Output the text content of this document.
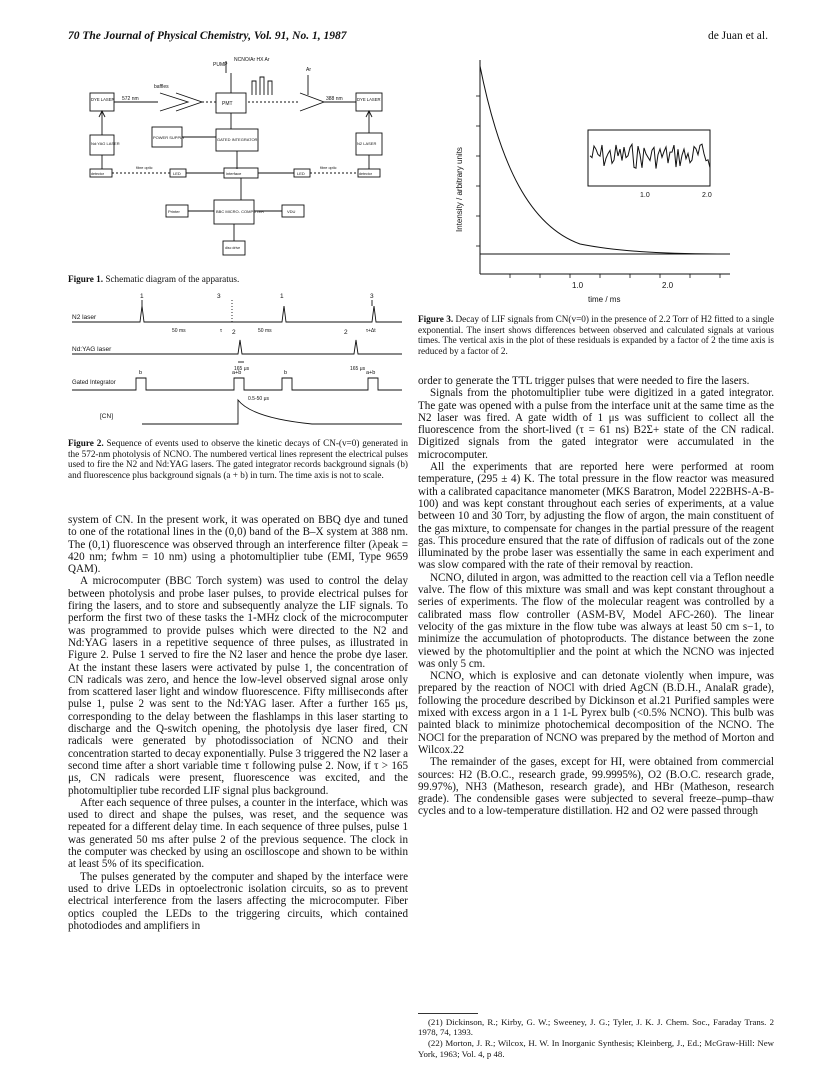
70 The Journal of Physical Chemistry, Vol. 91, No. 1, 1987	de Juan et al.
PUMP
NCNO/Ar HX Ar
Ar
baffles
DYE LASER 572 nm	388 nm
PMT
DYE LASER
Nd:YAG LASER
POWER SUPPLY	GATED INTEGRATOR
N2 LASER
detector
fibre optic
LED	interface	LED
fibre optic
detector
Printer	BBC MICRO- COMPUTER	VDU
disc drive
Figure 1. Schematic diagram of the apparatus.
N2 laser
Nd:YAG laser
Gated Integrator
[CN]
1	3	1	3
2	2
50 ms	50 ms
τ	τ+Δt
165 μs	165 μs
b	a+b	b	a+b
0.5-50 μs
Figure 2. Sequence of events used to observe the kinetic decays of CN-(v=0) generated in the 572-nm photolysis of NCNO. The numbered vertical lines represent the electrical pulses used to fire the N2 and Nd:YAG lasers. The gated integrator records background signals (b) and fluorescence plus background signals (a + b) in turn. The time axis is not to scale.

system of CN. In the present work, it was operated on BBQ dye and tuned to one of the rotational lines in the (0,0) band of the B–X system at 388 nm. The (0,1) fluorescence was observed through an interference filter (λpeak = 420 nm; fwhm = 10 nm) using a photomultiplier tube (EMI, Type 9659 QAM).

A microcomputer (BBC Torch system) was used to control the delay between photolysis and probe laser pulses, to provide electrical pulses for firing the lasers, and to store and subsequently analyze the LIF signals. To perform the first two of these tasks the 1-MHz clock of the microcomputer was programmed to provide pulses which were directed to the N2 and Nd:YAG lasers in a repetitive sequence of three pulses, as illustrated in Figure 2. Pulse 1 served to fire the N2 laser and hence the probe dye laser. At the instant these lasers were activated by pulse 1, the concentration of CN radicals was zero, and hence the low-level observed signal arose only from scattered laser light and window fluorescence. Fifty milliseconds after pulse 1, pulse 2 was sent to the Nd:YAG laser. After a further 165 μs, corresponding to the delay between the flashlamps in this laser starting to discharge and the Q-switch opening, the photolysis dye laser fired, CN radicals were generated by photodissociation of NCNO and their concentration started to decay exponentially. Pulse 3 triggered the N2 laser a second time after a short variable time τ following pulse 2. Now, if τ > 165 μs, CN radicals were present, fluorescence was excited, and the photomultiplier tube recorded LIF signal plus background.

After each sequence of three pulses, a counter in the interface, which was used to direct and shape the pulses, was reset, and the sequence was repeated for a different delay time. In each sequence of three pulses, pulse 1 was generated 50 ms after pulse 2 of the previous sequence. The clock in the computer was checked by using an oscilloscope and shown to be within at least 5% of its specification.

The pulses generated by the computer and shaped by the interface were used to drive LEDs in optoelectronic isolation circuits, so as to prevent electrical interference from the lasers affecting the microcomputer. Fiber optics coupled the LEDs to the triggering circuits, which contained photodiodes and amplifiers in

Intensity / arbitrary units
1.0	2.0
time / ms
1.0	2.0
Figure 3. Decay of LIF signals from CN(v=0) in the presence of 2.2 Torr of H2 fitted to a single exponential. The insert shows differences between observed and calculated signals at various times. The vertical axis in the plot of these residuals is expanded by a factor of 2 the time axis is reduced by a factor of 2.

order to generate the TTL trigger pulses that were needed to fire the lasers.

Signals from the photomultiplier tube were digitized in a gated integrator. The gate was opened with a pulse from the interface unit at the same time as the N2 laser was fired. A gate width of 1 μs was sufficient to collect all the fluorescence from the short-lived (τ = 61 ns) B2Σ+ state of the CN radical. Digitized signals from the gated integrator were accumulated in the microcomputer.

All the experiments that are reported here were performed at room temperature, (295 ± 4) K. The total pressure in the flow reactor was measured with a calibrated capacitance manometer (MKS Baratron, Model 222BHS-A-B-100) and was kept constant throughout each series of experiments, at a value between 10 and 30 Torr, by adjusting the flow of argon, the main constituent of the gas mixture, to compensate for changes in the partial pressure of the reagent gas. This procedure ensured that the rate of diffusion of radicals out of the zone illuminated by the probe laser was essentially the same in each experiment and was slow compared with the rate of their removal by reaction.

NCNO, diluted in argon, was admitted to the reaction cell via a Teflon needle valve. The flow of this mixture was small and was kept constant throughout a series of experiments. The flow of the molecular reagent was controlled by a calibrated mass flow controller (ASM-BV, Model AFC-260). The linear velocity of the gas mixture in the flow tube was always at least 50 cm s−1, to minimize the accumulation of photoproducts. The distance between the zone viewed by the photomultiplier and the point at which the NCNO was injected was only 5 cm.

NCNO, which is explosive and can detonate violently when impure, was prepared by the reaction of NOCl with dried AgCN (B.D.H., AnalaR grade), following the procedure described by Dickinson et al.21 Purified samples were mixed with excess argon in a 1 1-L Pyrex bulb (<0.5% NCNO). This bulb was painted black to minimize photochemical decomposition of the NCNO. The NOCl for the preparation of NCNO was prepared by the method of Morton and Wilcox.22

The remainder of the gases, except for HI, were obtained from commercial sources: H2 (B.O.C., research grade, 99.9995%), O2 (B.O.C. research grade, 99.97%), NH3 (Matheson, research grade), and HBr (Matheson, research grade). The condensible gases were subjected to several freeze–pump–thaw cycles and to a low-temperature distillation. H2 and O2 were passed through

(21) Dickinson, R.; Kirby, G. W.; Sweeney, J. G.; Tyler, J. K. J. Chem. Soc., Faraday Trans. 2 1978, 74, 1393.

(22) Morton, J. R.; Wilcox, H. W. In Inorganic Synthesis; Kleinberg, J., Ed.; McGraw-Hill: New York, 1963; Vol. 4, p 48.
